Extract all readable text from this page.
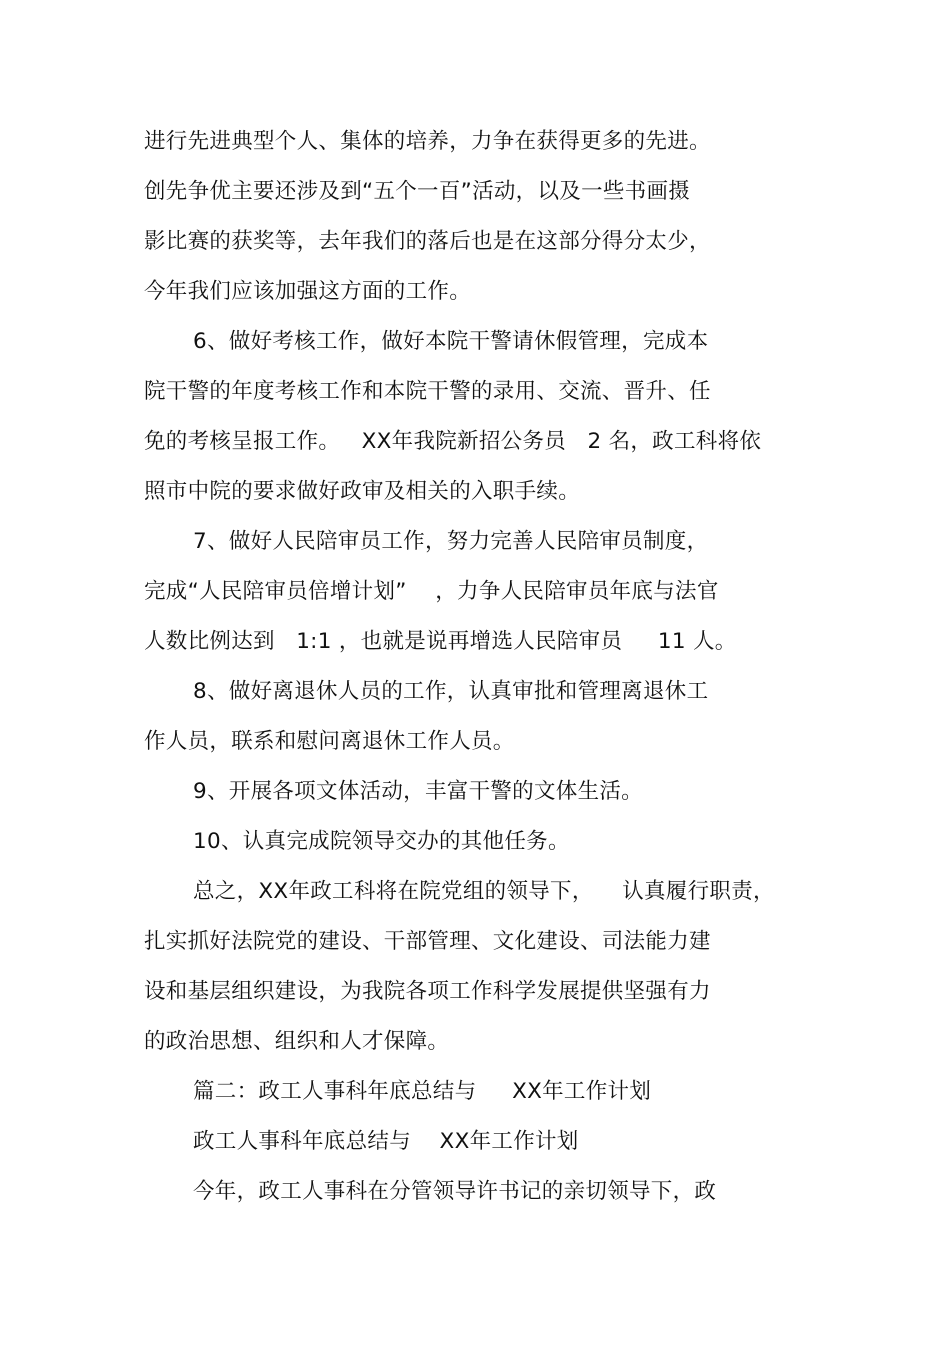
进行先进典型个人、集体的培养，力争在获得更多的先进。
创先争优主要还涉及到“五个一百”活动，以及一些书画摄
影比赛的获奖等，去年我们的落后也是在这部分得分太少，
今年我们应该加强这方面的工作。
6、做好考核工作，做好本院干警请休假管理，完成本
院干警的年度考核工作和本院干警的录用、交流、晋升、任
免的考核呈报工作。   XX年我院新招公务员   2 名，政工科将依
照市中院的要求做好政审及相关的入职手续。
7、做好人民陪审员工作，努力完善人民陪审员制度，
完成“人民陪审员倍增计划”    ，力争人民陪审员年底与法官
人数比例达到   1:1 ，也就是说再增选人民陪审员     11 人。
8、做好离退休人员的工作，认真审批和管理离退休工
作人员，联系和慰问离退休工作人员。
9、开展各项文体活动，丰富干警的文体生活。
10、认真完成院领导交办的其他任务。
总之，XX年政工科将在院党组的领导下，    认真履行职责，
扎实抓好法院党的建设、干部管理、文化建设、司法能力建
设和基层组织建设，为我院各项工作科学发展提供坚强有力
的政治思想、组织和人才保障。
篇二：政工人事科年底总结与     XX年工作计划
政工人事科年底总结与    XX年工作计划
今年，政工人事科在分管领导许书记的亲切领导下，政
